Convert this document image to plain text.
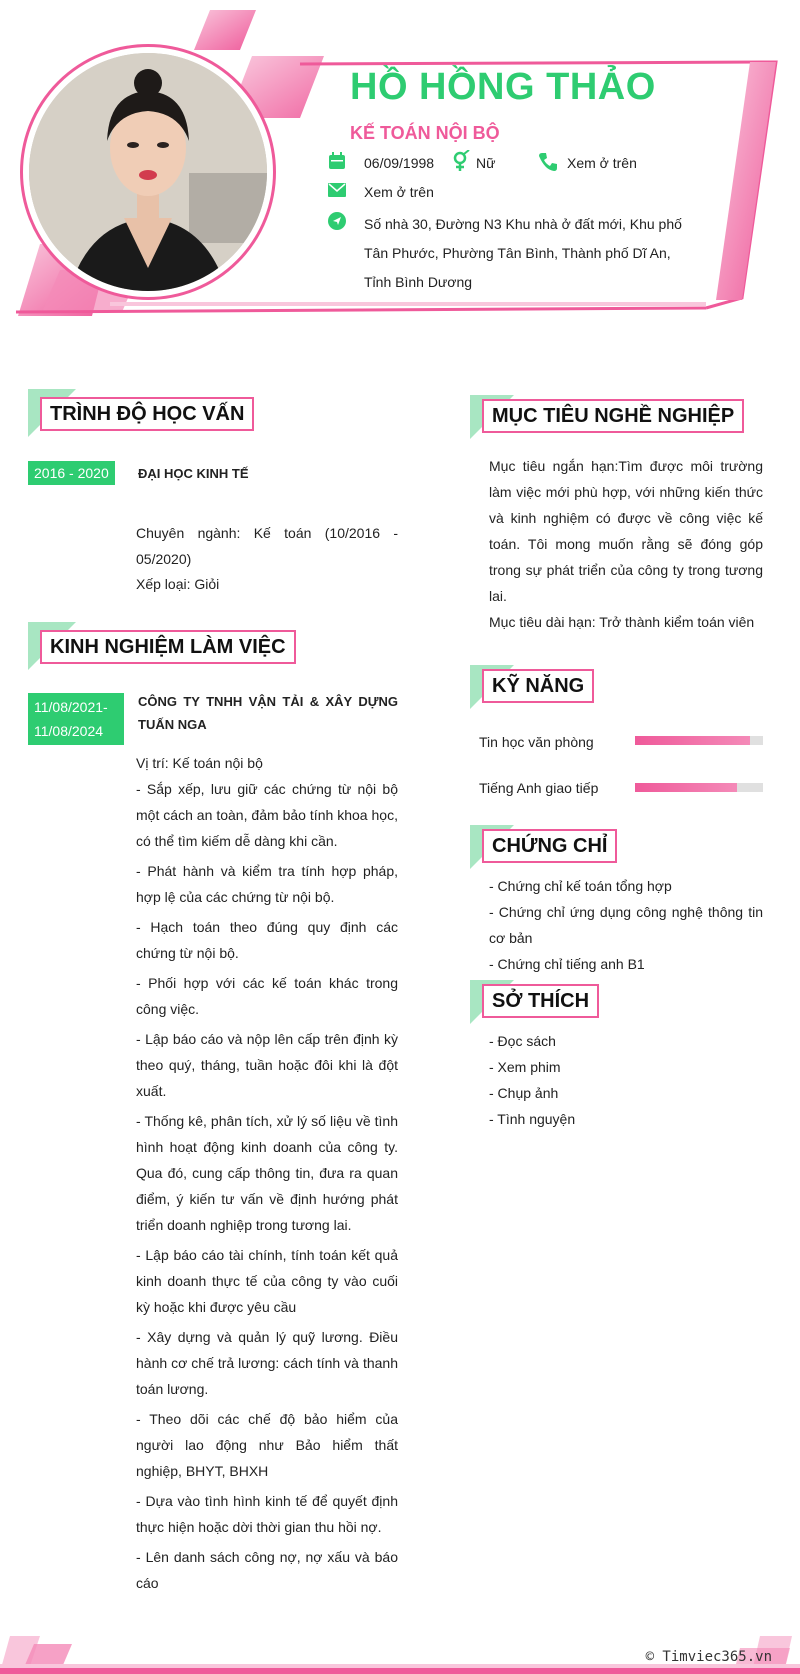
HỒ HỒNG THẢO
KẾ TOÁN NỘI BỘ
06/09/1998	Nữ	Xem ở trên
Xem ở trên
Số nhà 30, Đường N3 Khu nhà ở đất mới, Khu phố Tân Phước, Phường Tân Bình, Thành phố Dĩ An, Tỉnh Bình Dương
TRÌNH ĐỘ HỌC VẤN
2016 - 2020	ĐẠI HỌC KINH TẾ
Chuyên ngành: Kế toán (10/2016 - 05/2020)
Xếp loại: Giỏi
KINH NGHIỆM LÀM VIỆC
11/08/2021-
11/08/2024
CÔNG TY TNHH VẬN TẢI & XÂY DỰNG TUẤN NGA
Vị trí: Kế toán nội bộ
- Sắp xếp, lưu giữ các chứng từ nội bộ một cách an toàn, đảm bảo tính khoa học, có thể tìm kiếm dễ dàng khi cần.
- Phát hành và kiểm tra tính hợp pháp, hợp lệ của các chứng từ nội bộ.
- Hạch toán theo đúng quy định các chứng từ nội bộ.
- Phối hợp với các kế toán khác trong công việc.
- Lập báo cáo và nộp lên cấp trên định kỳ theo quý, tháng, tuần hoặc đôi khi là đột xuất.
- Thống kê, phân tích, xử lý số liệu về tình hình hoạt động kinh doanh của công ty. Qua đó, cung cấp thông tin, đưa ra quan điểm, ý kiến tư vấn về định hướng phát triển doanh nghiệp trong tương lai.
- Lập báo cáo tài chính, tính toán kết quả kinh doanh thực tế của công ty vào cuối kỳ hoặc khi được yêu cầu
- Xây dựng và quản lý quỹ lương. Điều hành cơ chế trả lương: cách tính và thanh toán lương.
- Theo dõi các chế độ bảo hiểm của người lao động như Bảo hiểm thất nghiệp, BHYT, BHXH
- Dựa vào tình hình kinh tế để quyết định thực hiện hoặc dời thời gian thu hồi nợ.
- Lên danh sách công nợ, nợ xấu và báo cáo
MỤC TIÊU NGHỀ NGHIỆP
Mục tiêu ngắn hạn:Tìm được môi trường làm việc mới phù hợp, với những kiến thức và kinh nghiệm có được về công việc kế toán. Tôi mong muốn rằng sẽ đóng góp trong sự phát triển của công ty trong tương lai.
Mục tiêu dài hạn: Trở thành kiểm toán viên
KỸ NĂNG
Tin học văn phòng
Tiếng Anh giao tiếp
CHỨNG CHỈ
- Chứng chỉ kế toán tổng hợp
- Chứng chỉ ứng dụng công nghệ thông tin cơ bản
- Chứng chỉ tiếng anh B1
SỞ THÍCH
- Đọc sách
- Xem phim
- Chụp ảnh
- Tình nguyện
© Timviec365.vn
